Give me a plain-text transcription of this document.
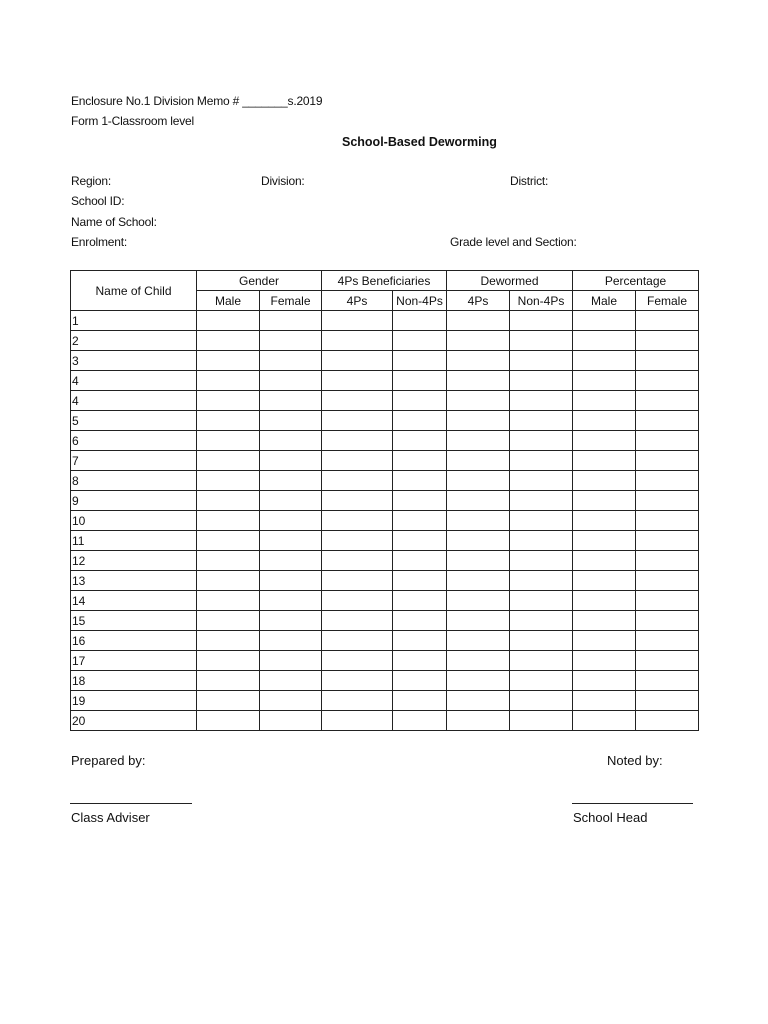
Enclosure No.1 Division Memo # _______s.2019
Form 1-Classroom level
School-Based Deworming
Region:	Division:	District:
School ID:
Name of School:
Enrolment:	Grade level and Section:
Name of Child	Gender		4Ps Beneficiaries		Dewormed		Percentage	
	Male	Female	4Ps	Non-4Ps	4Ps	Non-4Ps	Male	Female
1								
2								
3								
4								
4								
5								
6								
7								
8								
9								
10								
11								
12								
13								
14								
15								
16								
17								
18								
19								
20								
Prepared by:	Noted by:
Class Adviser	School Head
